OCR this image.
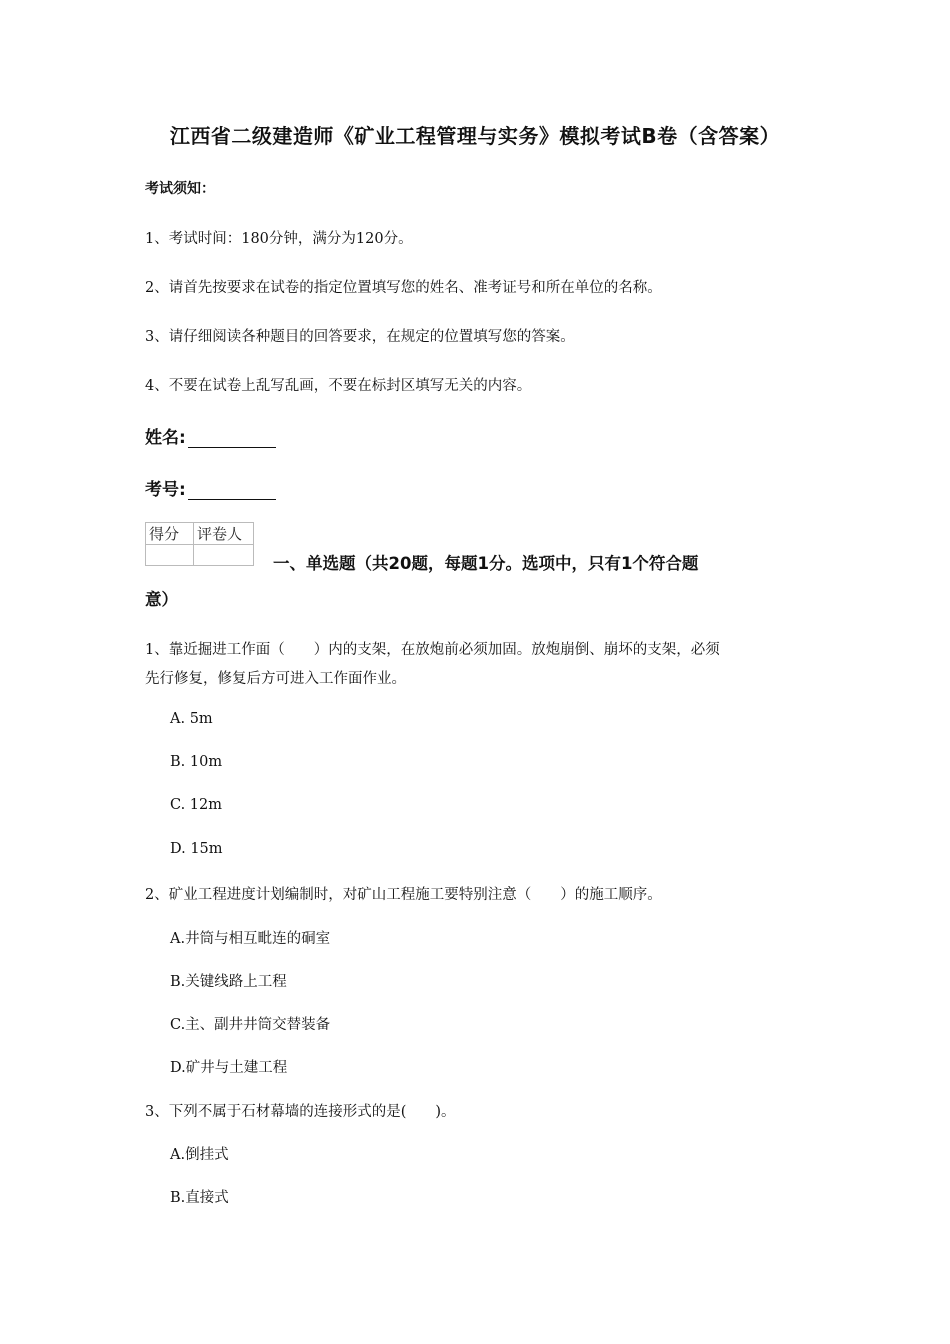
江西省二级建造师《矿业工程管理与实务》模拟考试B卷（含答案）
考试须知：
1、考试时间：180分钟，满分为120分。
2、请首先按要求在试卷的指定位置填写您的姓名、准考证号和所在单位的名称。
3、请仔细阅读各种题目的回答要求，在规定的位置填写您的答案。
4、不要在试卷上乱写乱画，不要在标封区填写无关的内容。
姓名:
考号:
得分	评卷人

一、单选题（共20题，每题1分。选项中，只有1个符合题
意）
1、靠近掘进工作面（　　）内的支架，在放炮前必须加固。放炮崩倒、崩坏的支架，必须
先行修复，修复后方可进入工作面作业。
A. 5m
B. 10m
C. 12m
D. 15m
2、矿业工程进度计划编制时，对矿山工程施工要特别注意（　　）的施工顺序。
A.井筒与相互毗连的硐室
B.关键线路上工程
C.主、副井井筒交替装备
D.矿井与土建工程
3、下列不属于石材幕墙的连接形式的是(　　)。
A.倒挂式
B.直接式
